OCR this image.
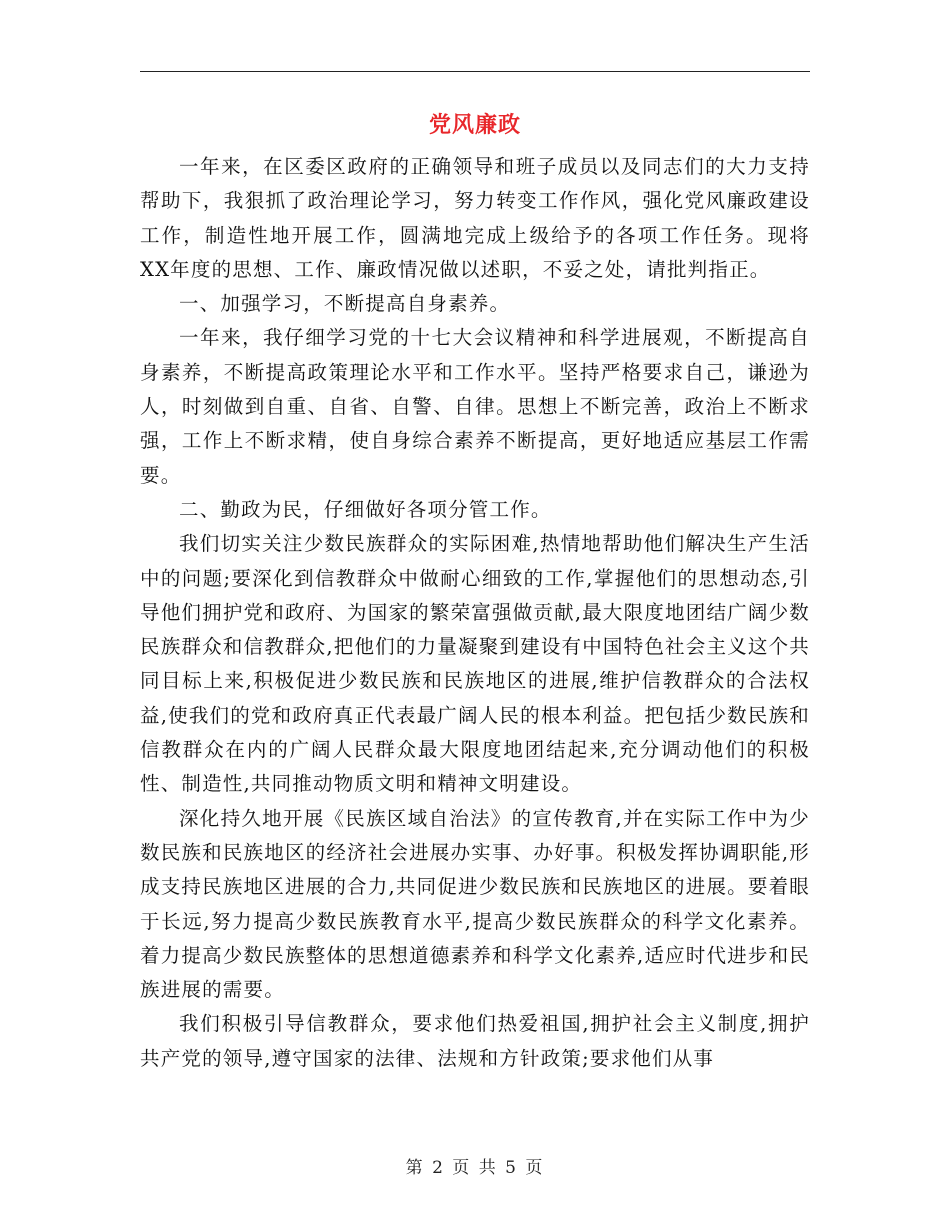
党风廉政

一年来，在区委区政府的正确领导和班子成员以及同志们的大力支持帮助下，我狠抓了政治理论学习，努力转变工作作风，强化党风廉政建设工作，制造性地开展工作，圆满地完成上级给予的各项工作任务。现将XX年度的思想、工作、廉政情况做以述职，不妥之处，请批判指正。

一、加强学习，不断提高自身素养。

一年来，我仔细学习党的十七大会议精神和科学进展观，不断提高自身素养，不断提高政策理论水平和工作水平。坚持严格要求自己，谦逊为人，时刻做到自重、自省、自警、自律。思想上不断完善，政治上不断求强，工作上不断求精，使自身综合素养不断提高，更好地适应基层工作需要。

二、勤政为民，仔细做好各项分管工作。

我们切实关注少数民族群众的实际困难,热情地帮助他们解决生产生活中的问题;要深化到信教群众中做耐心细致的工作,掌握他们的思想动态,引导他们拥护党和政府、为国家的繁荣富强做贡献,最大限度地团结广阔少数民族群众和信教群众,把他们的力量凝聚到建设有中国特色社会主义这个共同目标上来,积极促进少数民族和民族地区的进展,维护信教群众的合法权益,使我们的党和政府真正代表最广阔人民的根本利益。把包括少数民族和信教群众在内的广阔人民群众最大限度地团结起来,充分调动他们的积极性、制造性,共同推动物质文明和精神文明建设。

深化持久地开展《民族区域自治法》的宣传教育,并在实际工作中为少数民族和民族地区的经济社会进展办实事、办好事。积极发挥协调职能,形成支持民族地区进展的合力,共同促进少数民族和民族地区的进展。要着眼于长远,努力提高少数民族教育水平,提高少数民族群众的科学文化素养。着力提高少数民族整体的思想道德素养和科学文化素养,适应时代进步和民族进展的需要。

我们积极引导信教群众，要求他们热爱祖国,拥护社会主义制度,拥护共产党的领导,遵守国家的法律、法规和方针政策;要求他们从事

第 2 页 共 5 页
